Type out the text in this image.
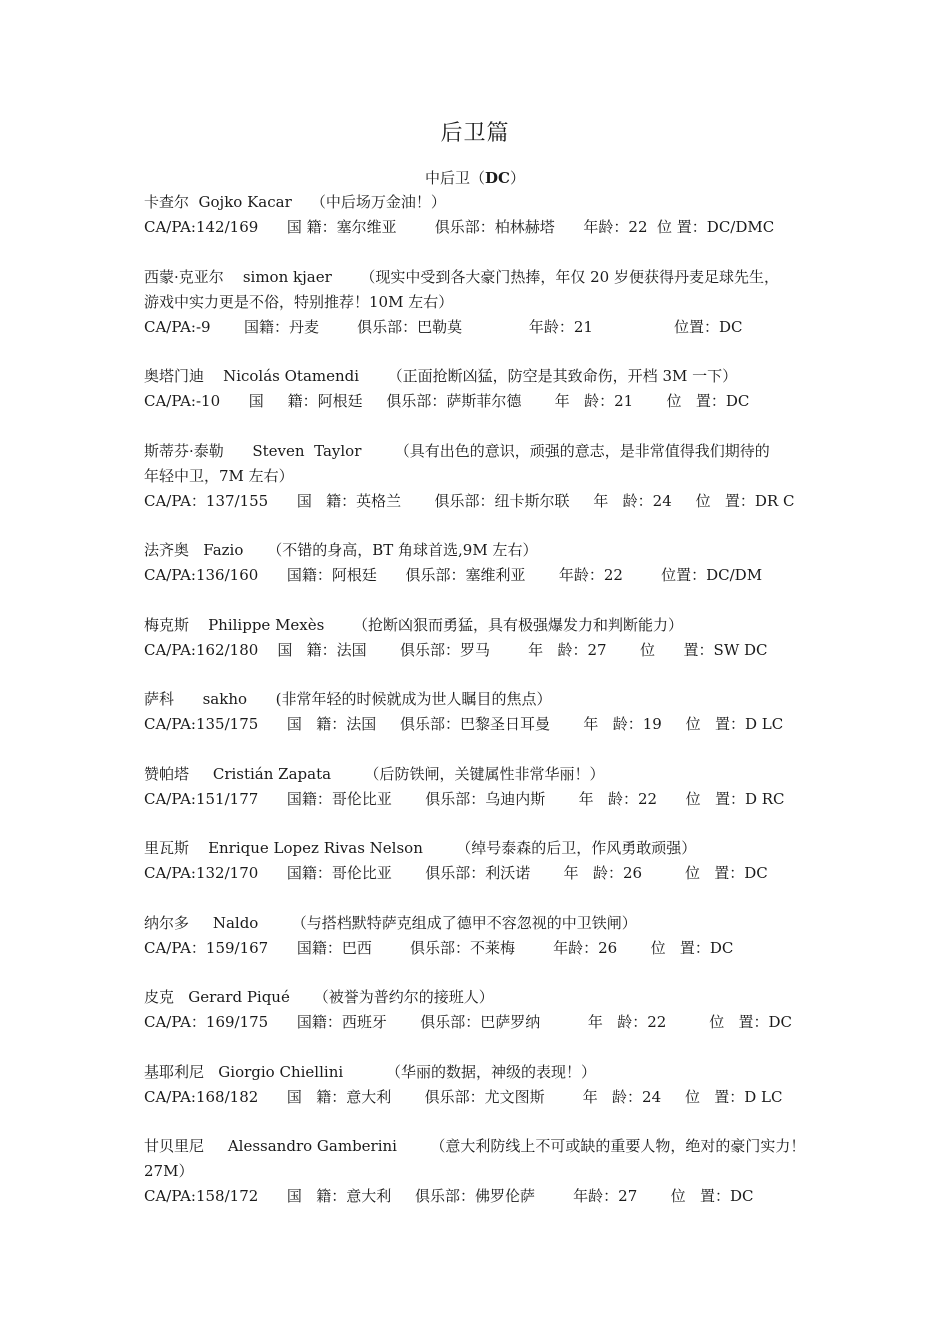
后卫篇
中后卫（DC）
卡查尔  Gojko Kacar    （中后场万金油！）
CA/PA:142/169      国 籍：塞尔维亚        俱乐部：柏林赫塔      年龄：22  位 置：DC/DMC
西蒙·克亚尔    simon kjaer      （现实中受到各大豪门热捧，年仅 20 岁便获得丹麦足球先生，
游戏中实力更是不俗，特别推荐！10M 左右）
CA/PA:-9       国籍：丹麦        俱乐部：巴勒莫              年龄：21                 位置：DC
奥塔门迪    Nicolás Otamendi      （正面抢断凶猛，防空是其致命伤，开档 3M 一下）
CA/PA:-10      国     籍：阿根廷     俱乐部：萨斯菲尔德       年   龄：21       位   置：DC
斯蒂芬·泰勒      Steven  Taylor       （具有出色的意识，顽强的意志，是非常值得我们期待的
年轻中卫，7M 左右）
CA/PA：137/155      国   籍：英格兰       俱乐部：纽卡斯尔联     年   龄：24     位   置：DR C
法齐奥   Fazio     （不错的身高，BT 角球首选,9M 左右）
CA/PA:136/160      国籍：阿根廷      俱乐部：塞维利亚       年龄：22        位置：DC/DM
梅克斯    Philippe Mexès      （抢断凶狠而勇猛，具有极强爆发力和判断能力）
CA/PA:162/180    国   籍：法国       俱乐部：罗马        年   龄：27       位      置：SW DC
萨科      sakho      (非常年轻的时候就成为世人瞩目的焦点）
CA/PA:135/175      国   籍：法国     俱乐部：巴黎圣日耳曼       年   龄：19     位   置：D LC
赞帕塔     Cristián Zapata       （后防铁闸，关键属性非常华丽！）
CA/PA:151/177      国籍：哥伦比亚       俱乐部：乌迪内斯       年   龄：22      位   置：D RC
里瓦斯    Enrique Lopez Rivas Nelson       （绰号泰森的后卫，作风勇敢顽强）
CA/PA:132/170      国籍：哥伦比亚       俱乐部：利沃诺       年   龄：26         位   置：DC
纳尔多     Naldo       （与搭档默特萨克组成了德甲不容忽视的中卫铁闸）
CA/PA：159/167      国籍：巴西        俱乐部：不莱梅        年龄：26       位   置：DC
皮克   Gerard Piqué     （被誉为普约尔的接班人）
CA/PA：169/175      国籍：西班牙       俱乐部：巴萨罗纳          年   龄：22         位   置：DC
基耶利尼   Giorgio Chiellini         （华丽的数据，神级的表现！）
CA/PA:168/182      国   籍：意大利       俱乐部：尤文图斯        年   龄：24     位   置：D LC
甘贝里尼     Alessandro Gamberini       （意大利防线上不可或缺的重要人物，绝对的豪门实力！
27M）
CA/PA:158/172      国   籍：意大利     俱乐部：佛罗伦萨        年龄：27       位   置：DC
